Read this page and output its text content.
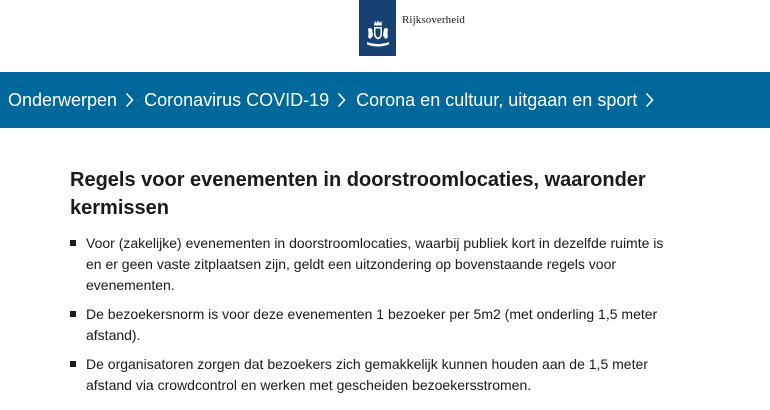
Rijksoverheid
Onderwerpen Coronavirus COVID-19 Corona en cultuur, uitgaan en sport
Regels voor evenementen in doorstroomlocaties, waaronder kermissen
Voor (zakelijke) evenementen in doorstroomlocaties, waarbij publiek kort in dezelfde ruimte is en er geen vaste zitplaatsen zijn, geldt een uitzondering op bovenstaande regels voor evenementen.
De bezoekersnorm is voor deze evenementen 1 bezoeker per 5m2 (met onderling 1,5 meter afstand).
De organisatoren zorgen dat bezoekers zich gemakkelijk kunnen houden aan de 1,5 meter afstand via crowdcontrol en werken met gescheiden bezoekersstromen.
